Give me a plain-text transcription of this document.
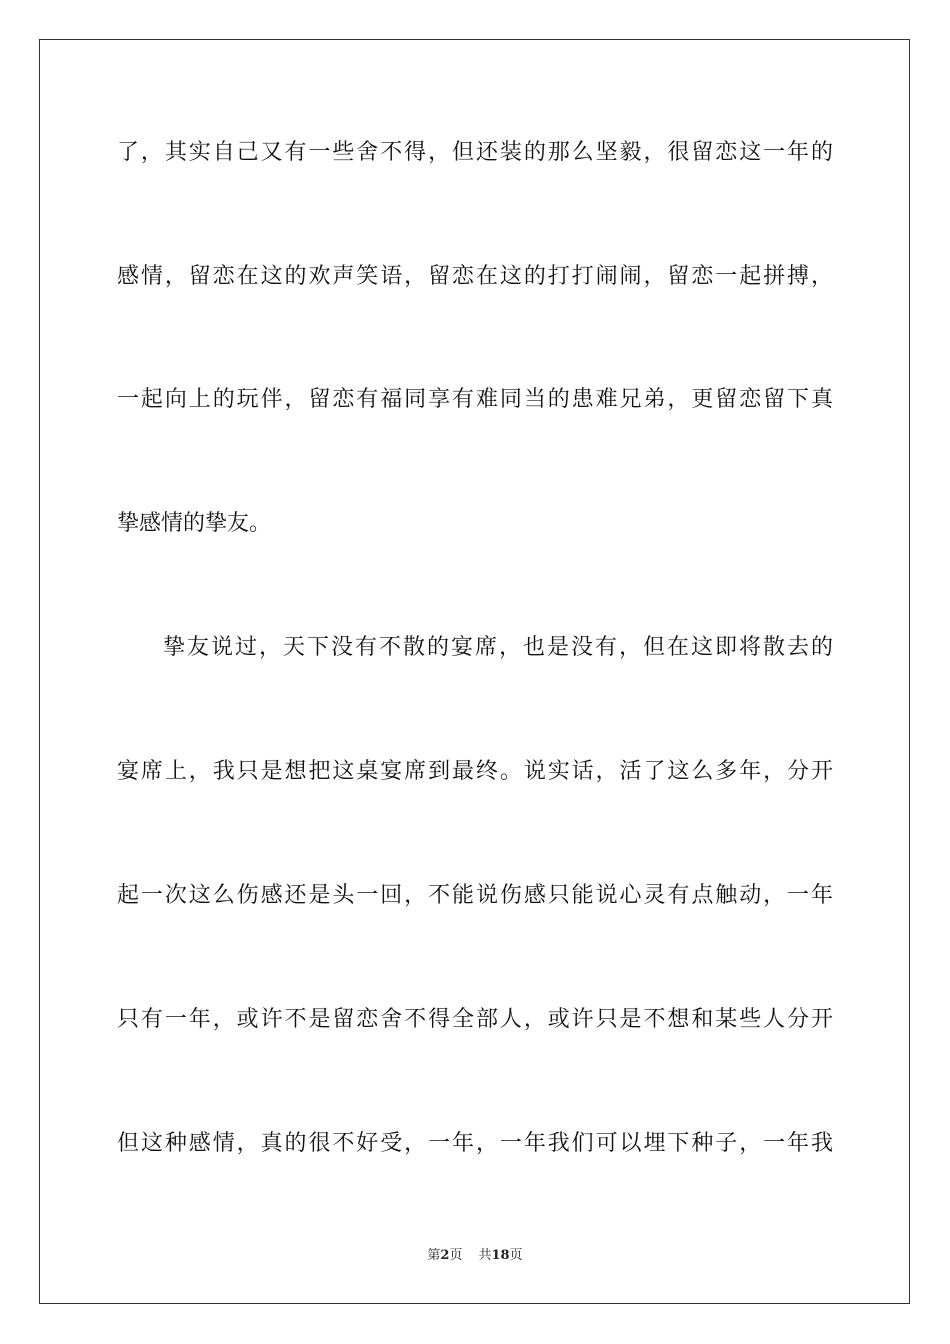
了，其实自己又有一些舍不得，但还装的那么坚毅，很留恋这一年的
感情，留恋在这的欢声笑语，留恋在这的打打闹闹，留恋一起拼搏，
一起向上的玩伴，留恋有福同享有难同当的患难兄弟，更留恋留下真
挚感情的挚友。
挚友说过，天下没有不散的宴席，也是没有，但在这即将散去的
宴席上，我只是想把这桌宴席到最终。说实话，活了这么多年，分开
起一次这么伤感还是头一回，不能说伤感只能说心灵有点触动，一年
只有一年，或许不是留恋舍不得全部人，或许只是不想和某些人分开
但这种感情，真的很不好受，一年，一年我们可以埋下种子，一年我
第2页 共18页
